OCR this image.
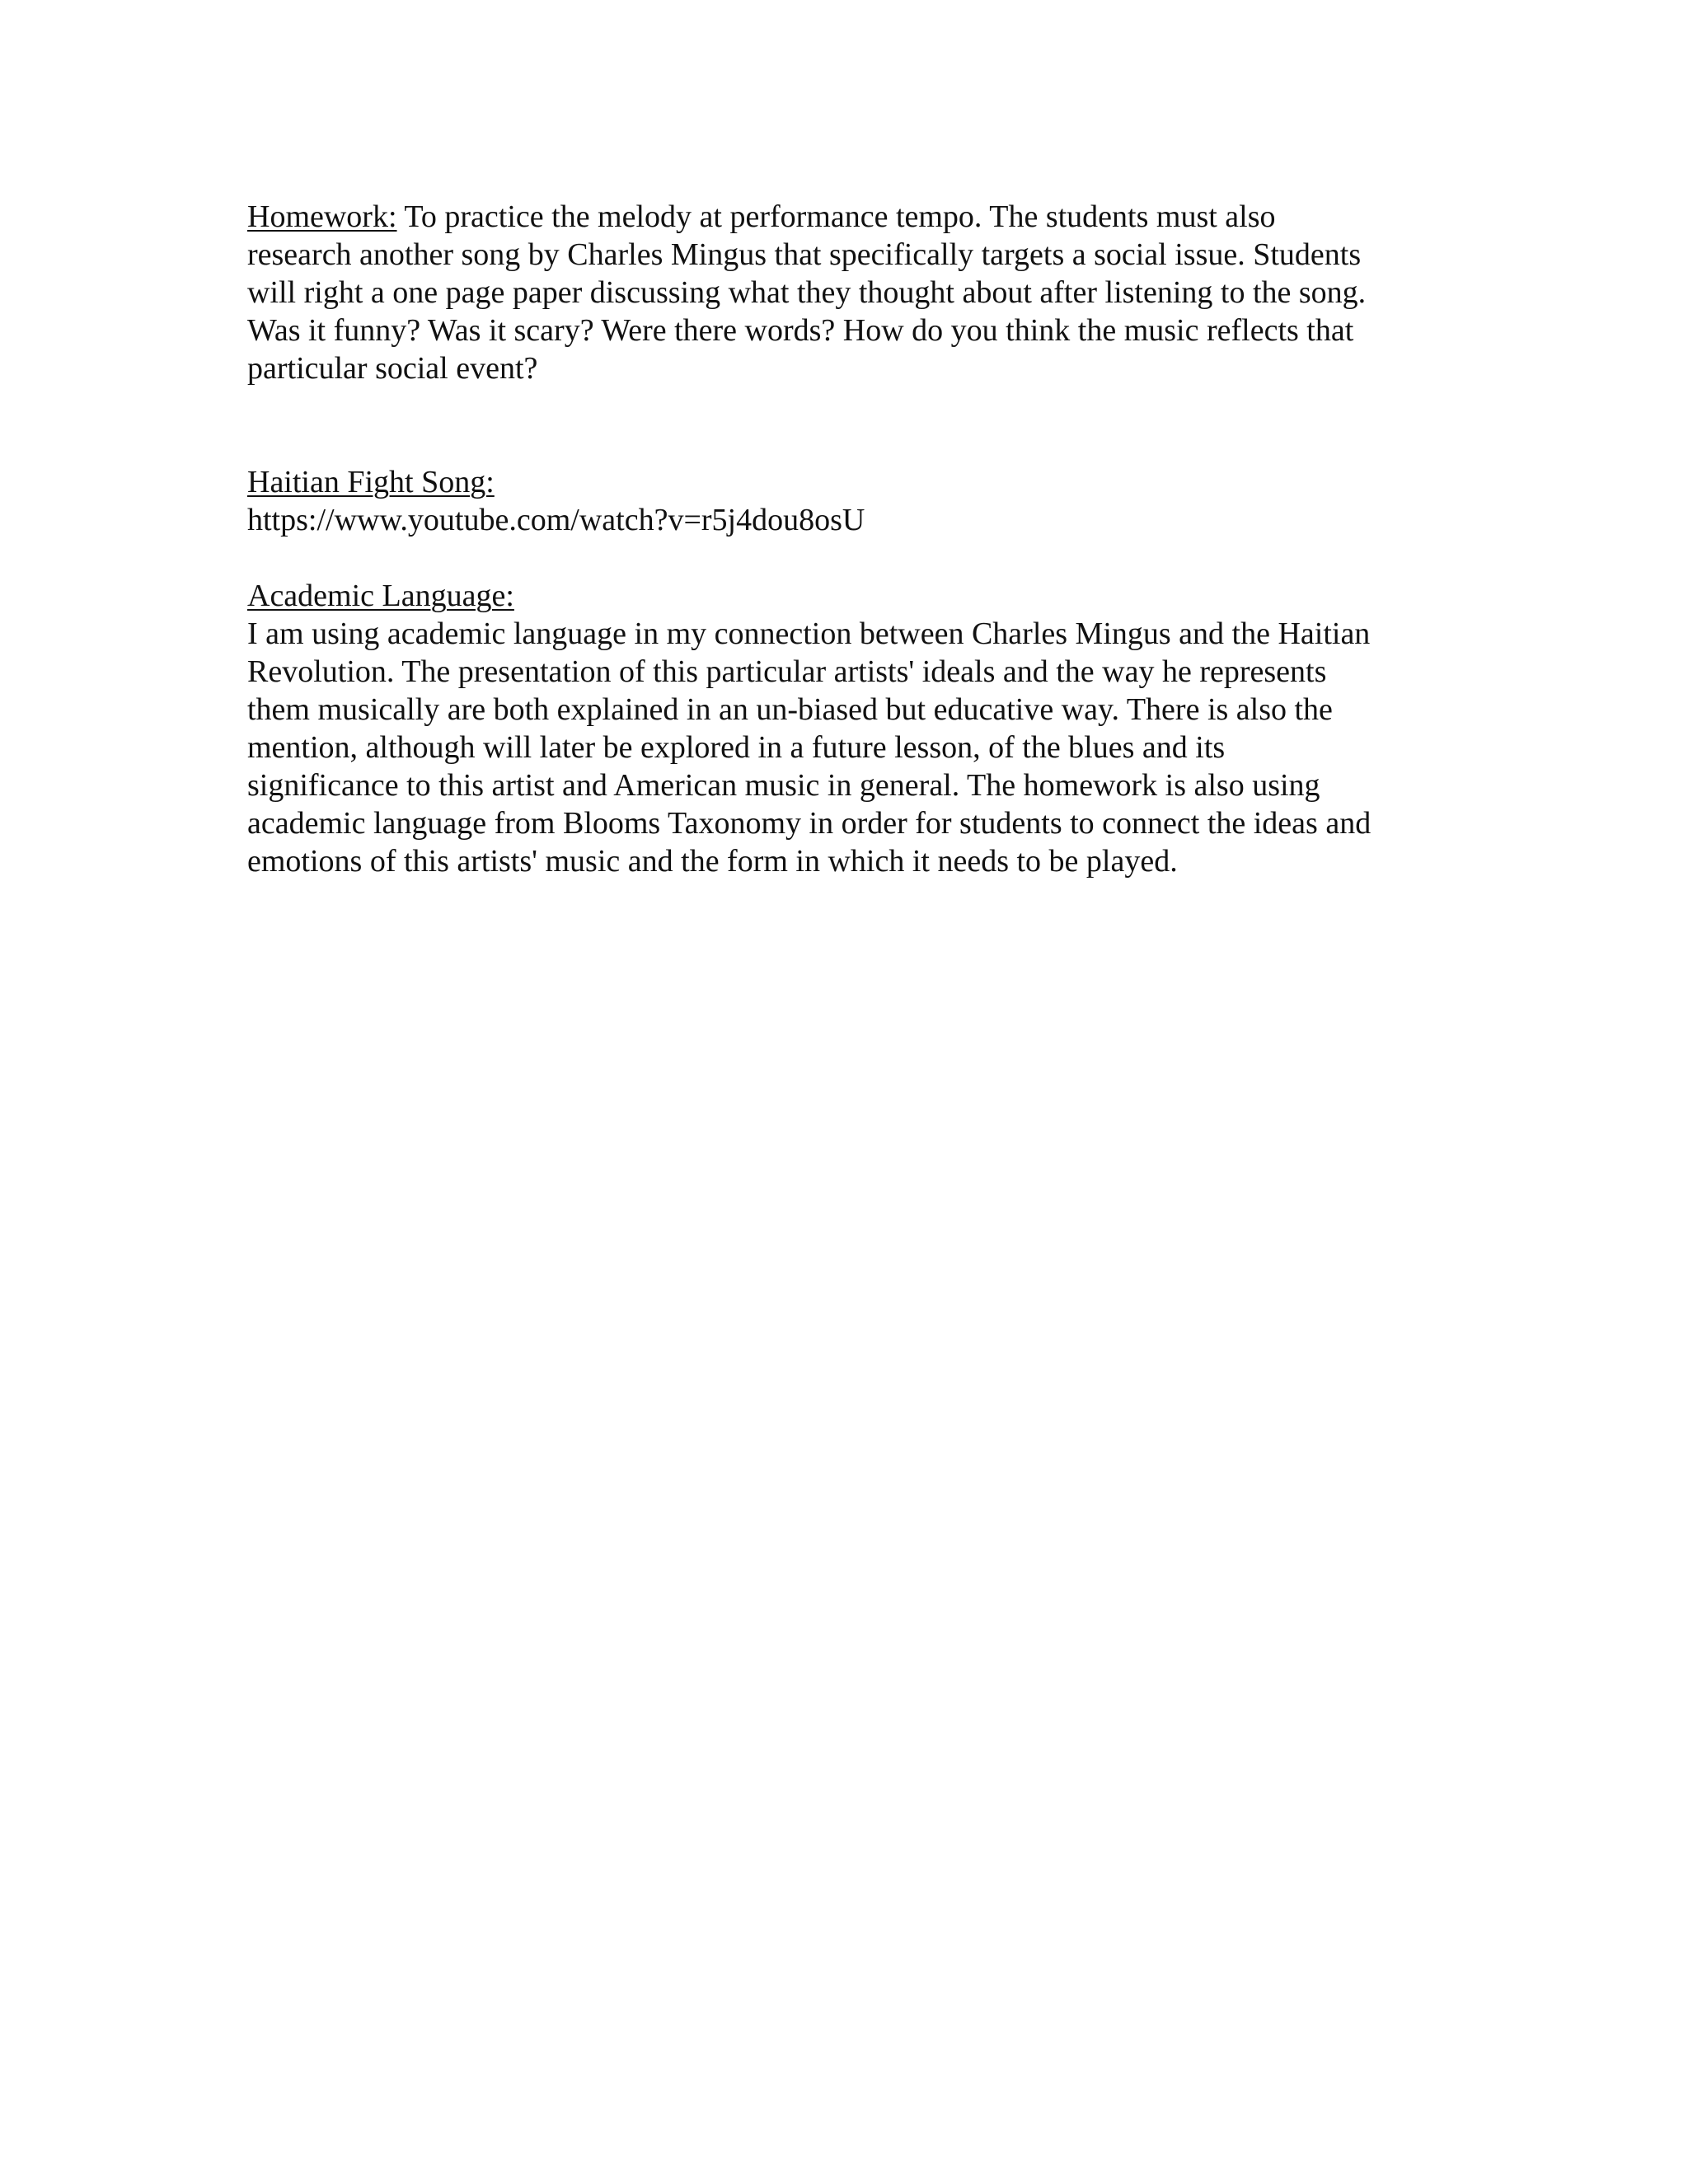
Homework: To practice the melody at performance tempo. The students must also
research another song by Charles Mingus that specifically targets a social issue. Students
will right a one page paper discussing what they thought about after listening to the song.
Was it funny? Was it scary? Were there words? How do you think the music reflects that
particular social event?
Haitian Fight Song:
https://www.youtube.com/watch?v=r5j4dou8osU
Academic Language:
I am using academic language in my connection between Charles Mingus and the Haitian
Revolution. The presentation of this particular artists' ideals and the way he represents
them musically are both explained in an un-biased but educative way. There is also the
mention, although will later be explored in a future lesson, of the blues and its
significance to this artist and American music in general. The homework is also using
academic language from Blooms Taxonomy in order for students to connect the ideas and
emotions of this artists' music and the form in which it needs to be played.
